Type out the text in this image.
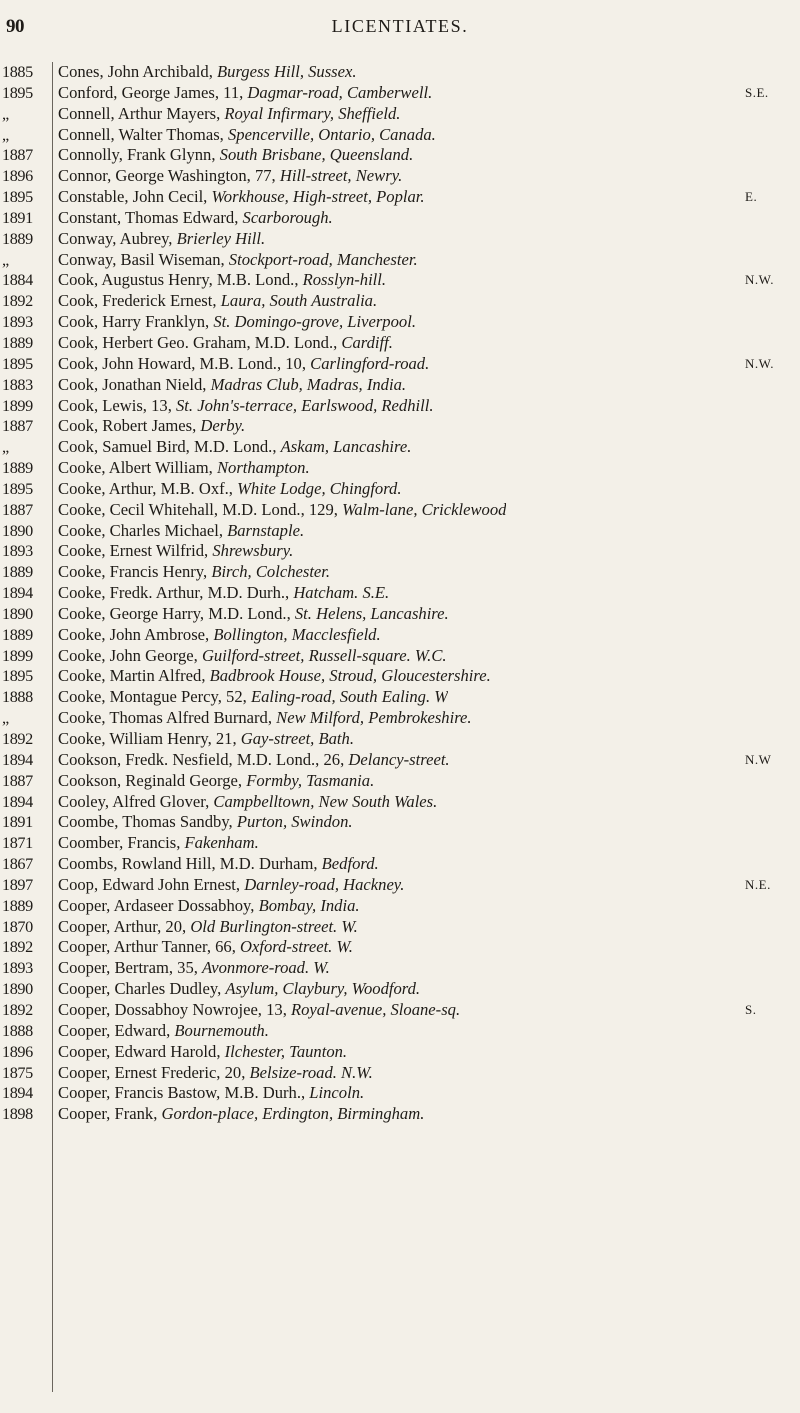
90	LICENTIATES.
1885	Cones, John Archibald, Burgess Hill, Sussex.
1895	Conford, George James, 11, Dagmar-road, Camberwell.	S.E.
„	Connell, Arthur Mayers, Royal Infirmary, Sheffield.
„	Connell, Walter Thomas, Spencerville, Ontario, Canada.
1887	Connolly, Frank Glynn, South Brisbane, Queensland.
1896	Connor, George Washington, 77, Hill-street, Newry.
1895	Constable, John Cecil, Workhouse, High-street, Poplar.	E.
1891	Constant, Thomas Edward, Scarborough.
1889	Conway, Aubrey, Brierley Hill.
„	Conway, Basil Wiseman, Stockport-road, Manchester.
1884	Cook, Augustus Henry, M.B. Lond., Rosslyn-hill.	N.W.
1892	Cook, Frederick Ernest, Laura, South Australia.
1893	Cook, Harry Franklyn, St. Domingo-grove, Liverpool.
1889	Cook, Herbert Geo. Graham, M.D. Lond., Cardiff.
1895	Cook, John Howard, M.B. Lond., 10, Carlingford-road.	N.W.
1883	Cook, Jonathan Nield, Madras Club, Madras, India.
1899	Cook, Lewis, 13, St. John's-terrace, Earlswood, Redhill.
1887	Cook, Robert James, Derby.
„	Cook, Samuel Bird, M.D. Lond., Askam, Lancashire.
1889	Cooke, Albert William, Northampton.
1895	Cooke, Arthur, M.B. Oxf., White Lodge, Chingford.
1887	Cooke, Cecil Whitehall, M.D. Lond., 129, Walm-lane, Cricklewood
1890	Cooke, Charles Michael, Barnstaple.
1893	Cooke, Ernest Wilfrid, Shrewsbury.
1889	Cooke, Francis Henry, Birch, Colchester.
1894	Cooke, Fredk. Arthur, M.D. Durh., Hatcham. S.E.
1890	Cooke, George Harry, M.D. Lond., St. Helens, Lancashire.
1889	Cooke, John Ambrose, Bollington, Macclesfield.
1899	Cooke, John George, Guilford-street, Russell-square. W.C.
1895	Cooke, Martin Alfred, Badbrook House, Stroud, Gloucestershire.
1888	Cooke, Montague Percy, 52, Ealing-road, South Ealing. W
„	Cooke, Thomas Alfred Burnard, New Milford, Pembrokeshire.
1892	Cooke, William Henry, 21, Gay-street, Bath.
1894	Cookson, Fredk. Nesfield, M.D. Lond., 26, Delancy-street.	N.W
1887	Cookson, Reginald George, Formby, Tasmania.
1894	Cooley, Alfred Glover, Campbelltown, New South Wales.
1891	Coombe, Thomas Sandby, Purton, Swindon.
1871	Coomber, Francis, Fakenham.
1867	Coombs, Rowland Hill, M.D. Durham, Bedford.
1897	Coop, Edward John Ernest, Darnley-road, Hackney.	N.E.
1889	Cooper, Ardaseer Dossabhoy, Bombay, India.
1870	Cooper, Arthur, 20, Old Burlington-street. W.
1892	Cooper, Arthur Tanner, 66, Oxford-street. W.
1893	Cooper, Bertram, 35, Avonmore-road. W.
1890	Cooper, Charles Dudley, Asylum, Claybury, Woodford.
1892	Cooper, Dossabhoy Nowrojee, 13, Royal-avenue, Sloane-sq.	S.
1888	Cooper, Edward, Bournemouth.
1896	Cooper, Edward Harold, Ilchester, Taunton.
1875	Cooper, Ernest Frederic, 20, Belsize-road. N.W.
1894	Cooper, Francis Bastow, M.B. Durh., Lincoln.
1898	Cooper, Frank, Gordon-place, Erdington, Birmingham.
